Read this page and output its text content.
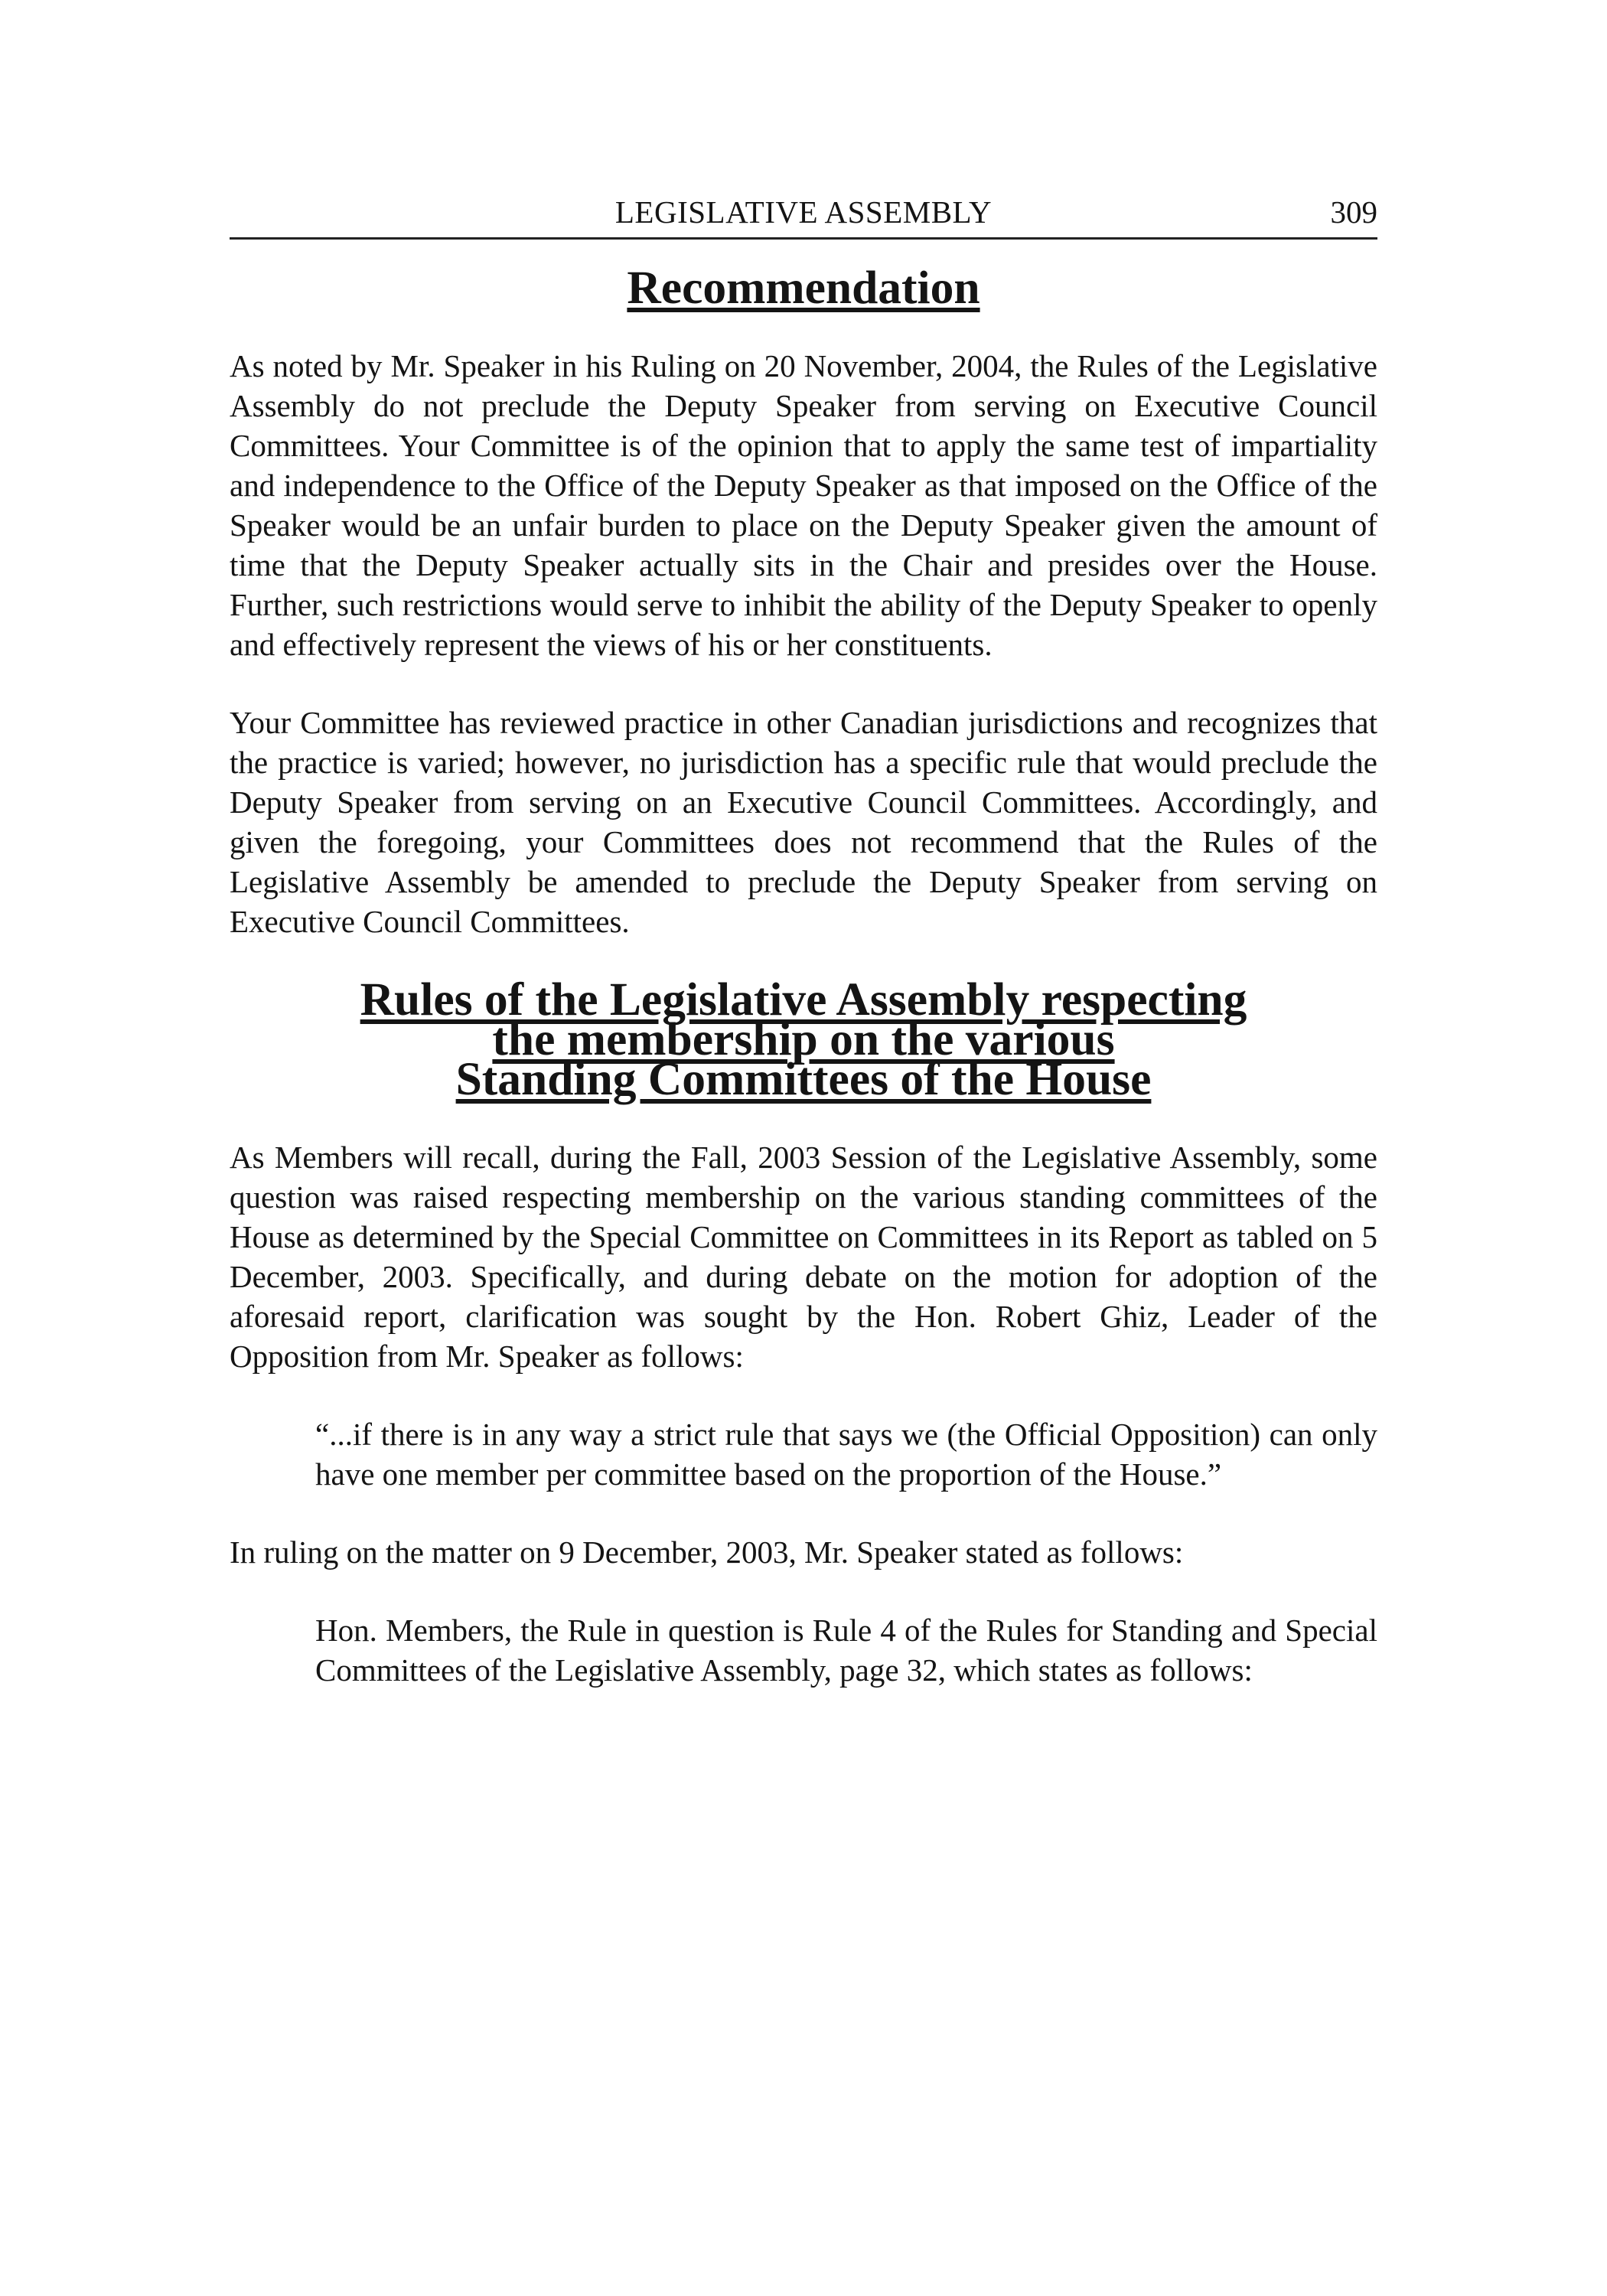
LEGISLATIVE ASSEMBLY	309
Recommendation

As noted by Mr. Speaker in his Ruling on 20 November, 2004, the Rules of the Legislative Assembly do not preclude the Deputy Speaker from serving on Executive Council Committees. Your Committee is of the opinion that to apply the same test of impartiality and independence to the Office of the Deputy Speaker as that imposed on the Office of the Speaker would be an unfair burden to place on the Deputy Speaker given the amount of time that the Deputy Speaker actually sits in the Chair and presides over the House. Further, such restrictions would serve to inhibit the ability of the Deputy Speaker to openly and effectively represent the views of his or her constituents.

Your Committee has reviewed practice in other Canadian jurisdictions and recognizes that the practice is varied; however, no jurisdiction has a specific rule that would preclude the Deputy Speaker from serving on an Executive Council Committees. Accordingly, and given the foregoing, your Committees does not recommend that the Rules of the Legislative Assembly be amended to preclude the Deputy Speaker from serving on Executive Council Committees.

Rules of the Legislative Assembly respecting
the membership on the various
Standing Committees of the House

As Members will recall, during the Fall, 2003 Session of the Legislative Assembly, some question was raised respecting membership on the various standing committees of the House as determined by the Special Committee on Committees in its Report as tabled on 5 December, 2003. Specifically, and during debate on the motion for adoption of the aforesaid report, clarification was sought by the Hon. Robert Ghiz, Leader of the Opposition from Mr. Speaker as follows:

“...if there is in any way a strict rule that says we (the Official Opposition) can only have one member per committee based on the proportion of the House.”

In ruling on the matter on 9 December, 2003, Mr. Speaker stated as follows:

Hon. Members, the Rule in question is Rule 4 of the Rules for Standing and Special Committees of the Legislative Assembly, page 32, which states as follows:
